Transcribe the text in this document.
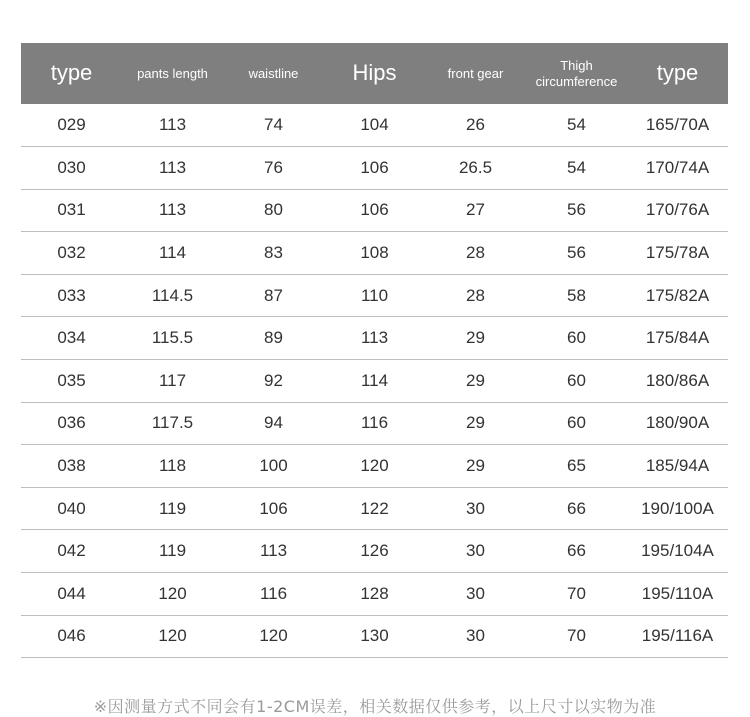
type	pants length	waistline	Hips	front gear	Thigh circumference	type
029	113	74	104	26	54	165/70A
030	113	76	106	26.5	54	170/74A
031	113	80	106	27	56	170/76A
032	114	83	108	28	56	175/78A
033	114.5	87	110	28	58	175/82A
034	115.5	89	113	29	60	175/84A
035	117	92	114	29	60	180/86A
036	117.5	94	116	29	60	180/90A
038	118	100	120	29	65	185/94A
040	119	106	122	30	66	190/100A
042	119	113	126	30	66	195/104A
044	120	116	128	30	70	195/110A
046	120	120	130	30	70	195/116A
※因测量方式不同会有1-2CM误差，相关数据仅供参考，以上尺寸以实物为准
